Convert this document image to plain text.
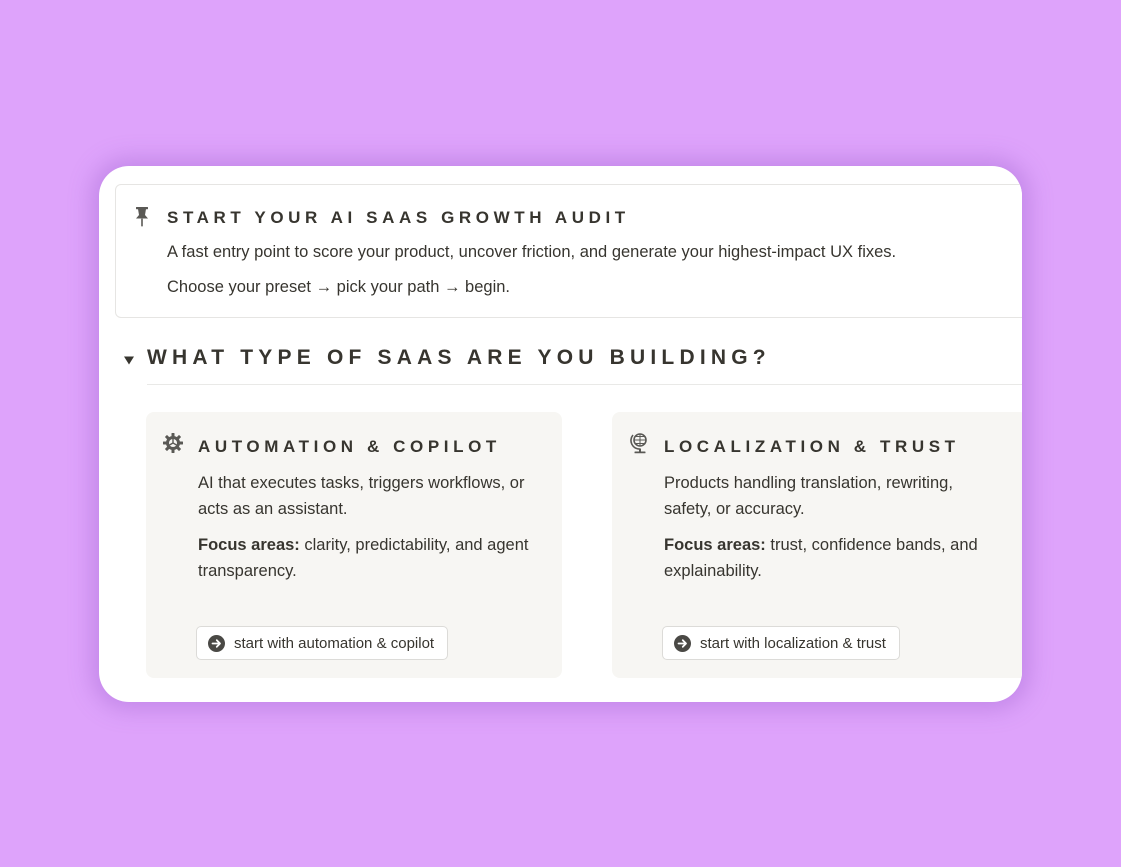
START YOUR AI SAAS GROWTH AUDIT
A fast entry point to score your product, uncover friction, and generate your highest-impact UX fixes.
Choose your preset → pick your path → begin.
WHAT TYPE OF SAAS ARE YOU BUILDING?
AUTOMATION & COPILOT
AI that executes tasks, triggers workflows, or acts as an assistant.
Focus areas: clarity, predictability, and agent transparency.
start with automation & copilot
LOCALIZATION & TRUST
Products handling translation, rewriting, safety, or accuracy.
Focus areas: trust, confidence bands, and explainability.
start with localization & trust
